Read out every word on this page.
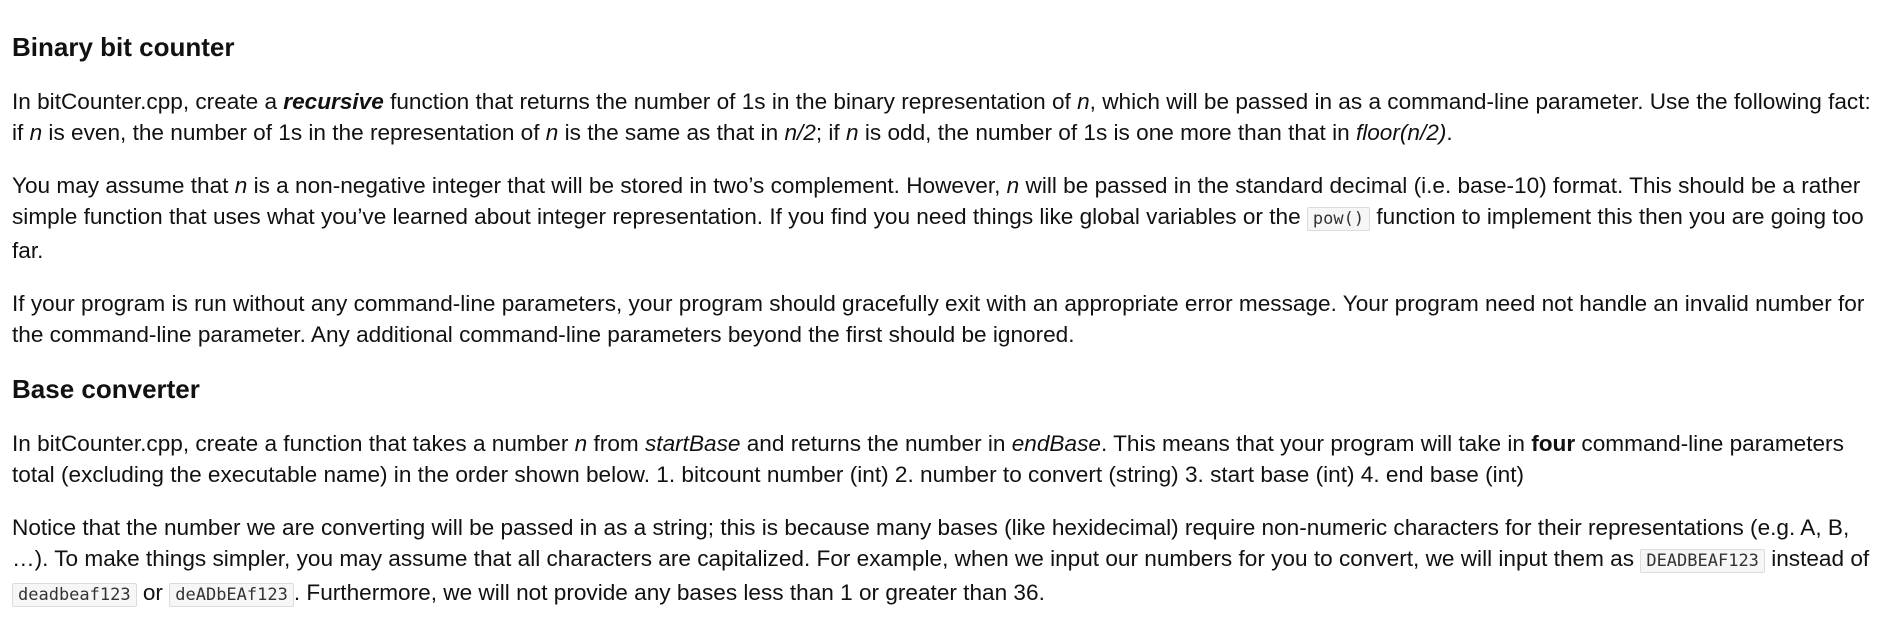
Binary bit counter

In bitCounter.cpp, create a recursive function that returns the number of 1s in the binary representation of n, which will be passed in as a command-line parameter. Use the following fact: if n is even, the number of 1s in the representation of n is the same as that in n/2; if n is odd, the number of 1s is one more than that in floor(n/2).

You may assume that n is a non-negative integer that will be stored in two’s complement. However, n will be passed in the standard decimal (i.e. base-10) format. This should be a rather simple function that uses what you’ve learned about integer representation. If you find you need things like global variables or the pow() function to implement this then you are going too far.

If your program is run without any command-line parameters, your program should gracefully exit with an appropriate error message. Your program need not handle an invalid number for the command-line parameter. Any additional command-line parameters beyond the first should be ignored.

Base converter

In bitCounter.cpp, create a function that takes a number n from startBase and returns the number in endBase. This means that your program will take in four command-line parameters total (excluding the executable name) in the order shown below. 1. bitcount number (int) 2. number to convert (string) 3. start base (int) 4. end base (int)

Notice that the number we are converting will be passed in as a string; this is because many bases (like hexidecimal) require non-numeric characters for their representations (e.g. A, B, …). To make things simpler, you may assume that all characters are capitalized. For example, when we input our numbers for you to convert, we will input them as DEADBEAF123 instead of deadbeaf123 or deADbEAf123 . Furthermore, we will not provide any bases less than 1 or greater than 36.
